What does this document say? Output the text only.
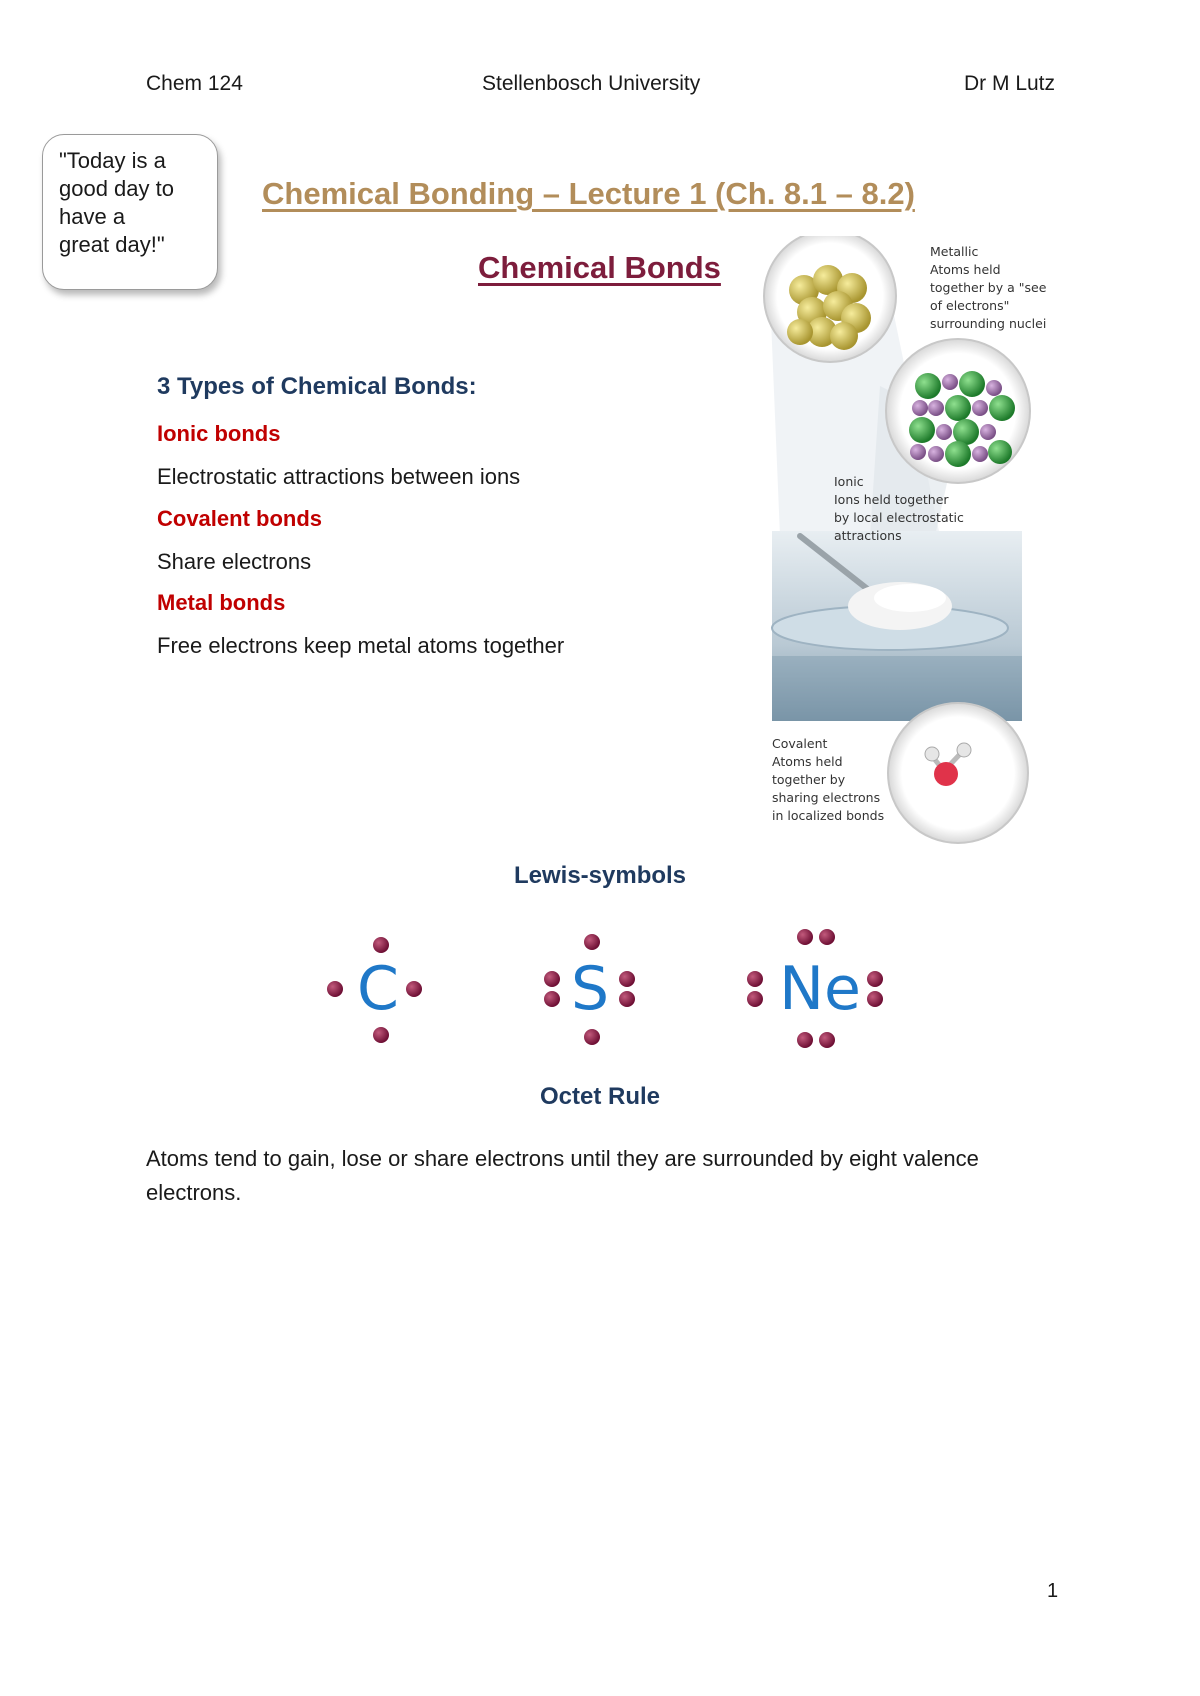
Chem 124	Stellenbosch University	Dr M Lutz
"Today is a
good day to
have a
great day!"
Chemical Bonding – Lecture 1 (Ch. 8.1 – 8.2)
Chemical Bonds
3 Types of Chemical Bonds:
Ionic bonds
Electrostatic attractions between ions
Covalent bonds
Share electrons
Metal bonds
Free electrons keep metal atoms together
Metallic
Atoms held
together by a "see
of electrons"
surrounding nuclei
Ionic
Ions held together
by local electrostatic
attractions
Covalent
Atoms held
together by
sharing electrons
in localized bonds
Lewis-symbols
C	S	Ne
Octet Rule
Atoms tend to gain, lose or share electrons until they are surrounded by eight valence electrons.
1
